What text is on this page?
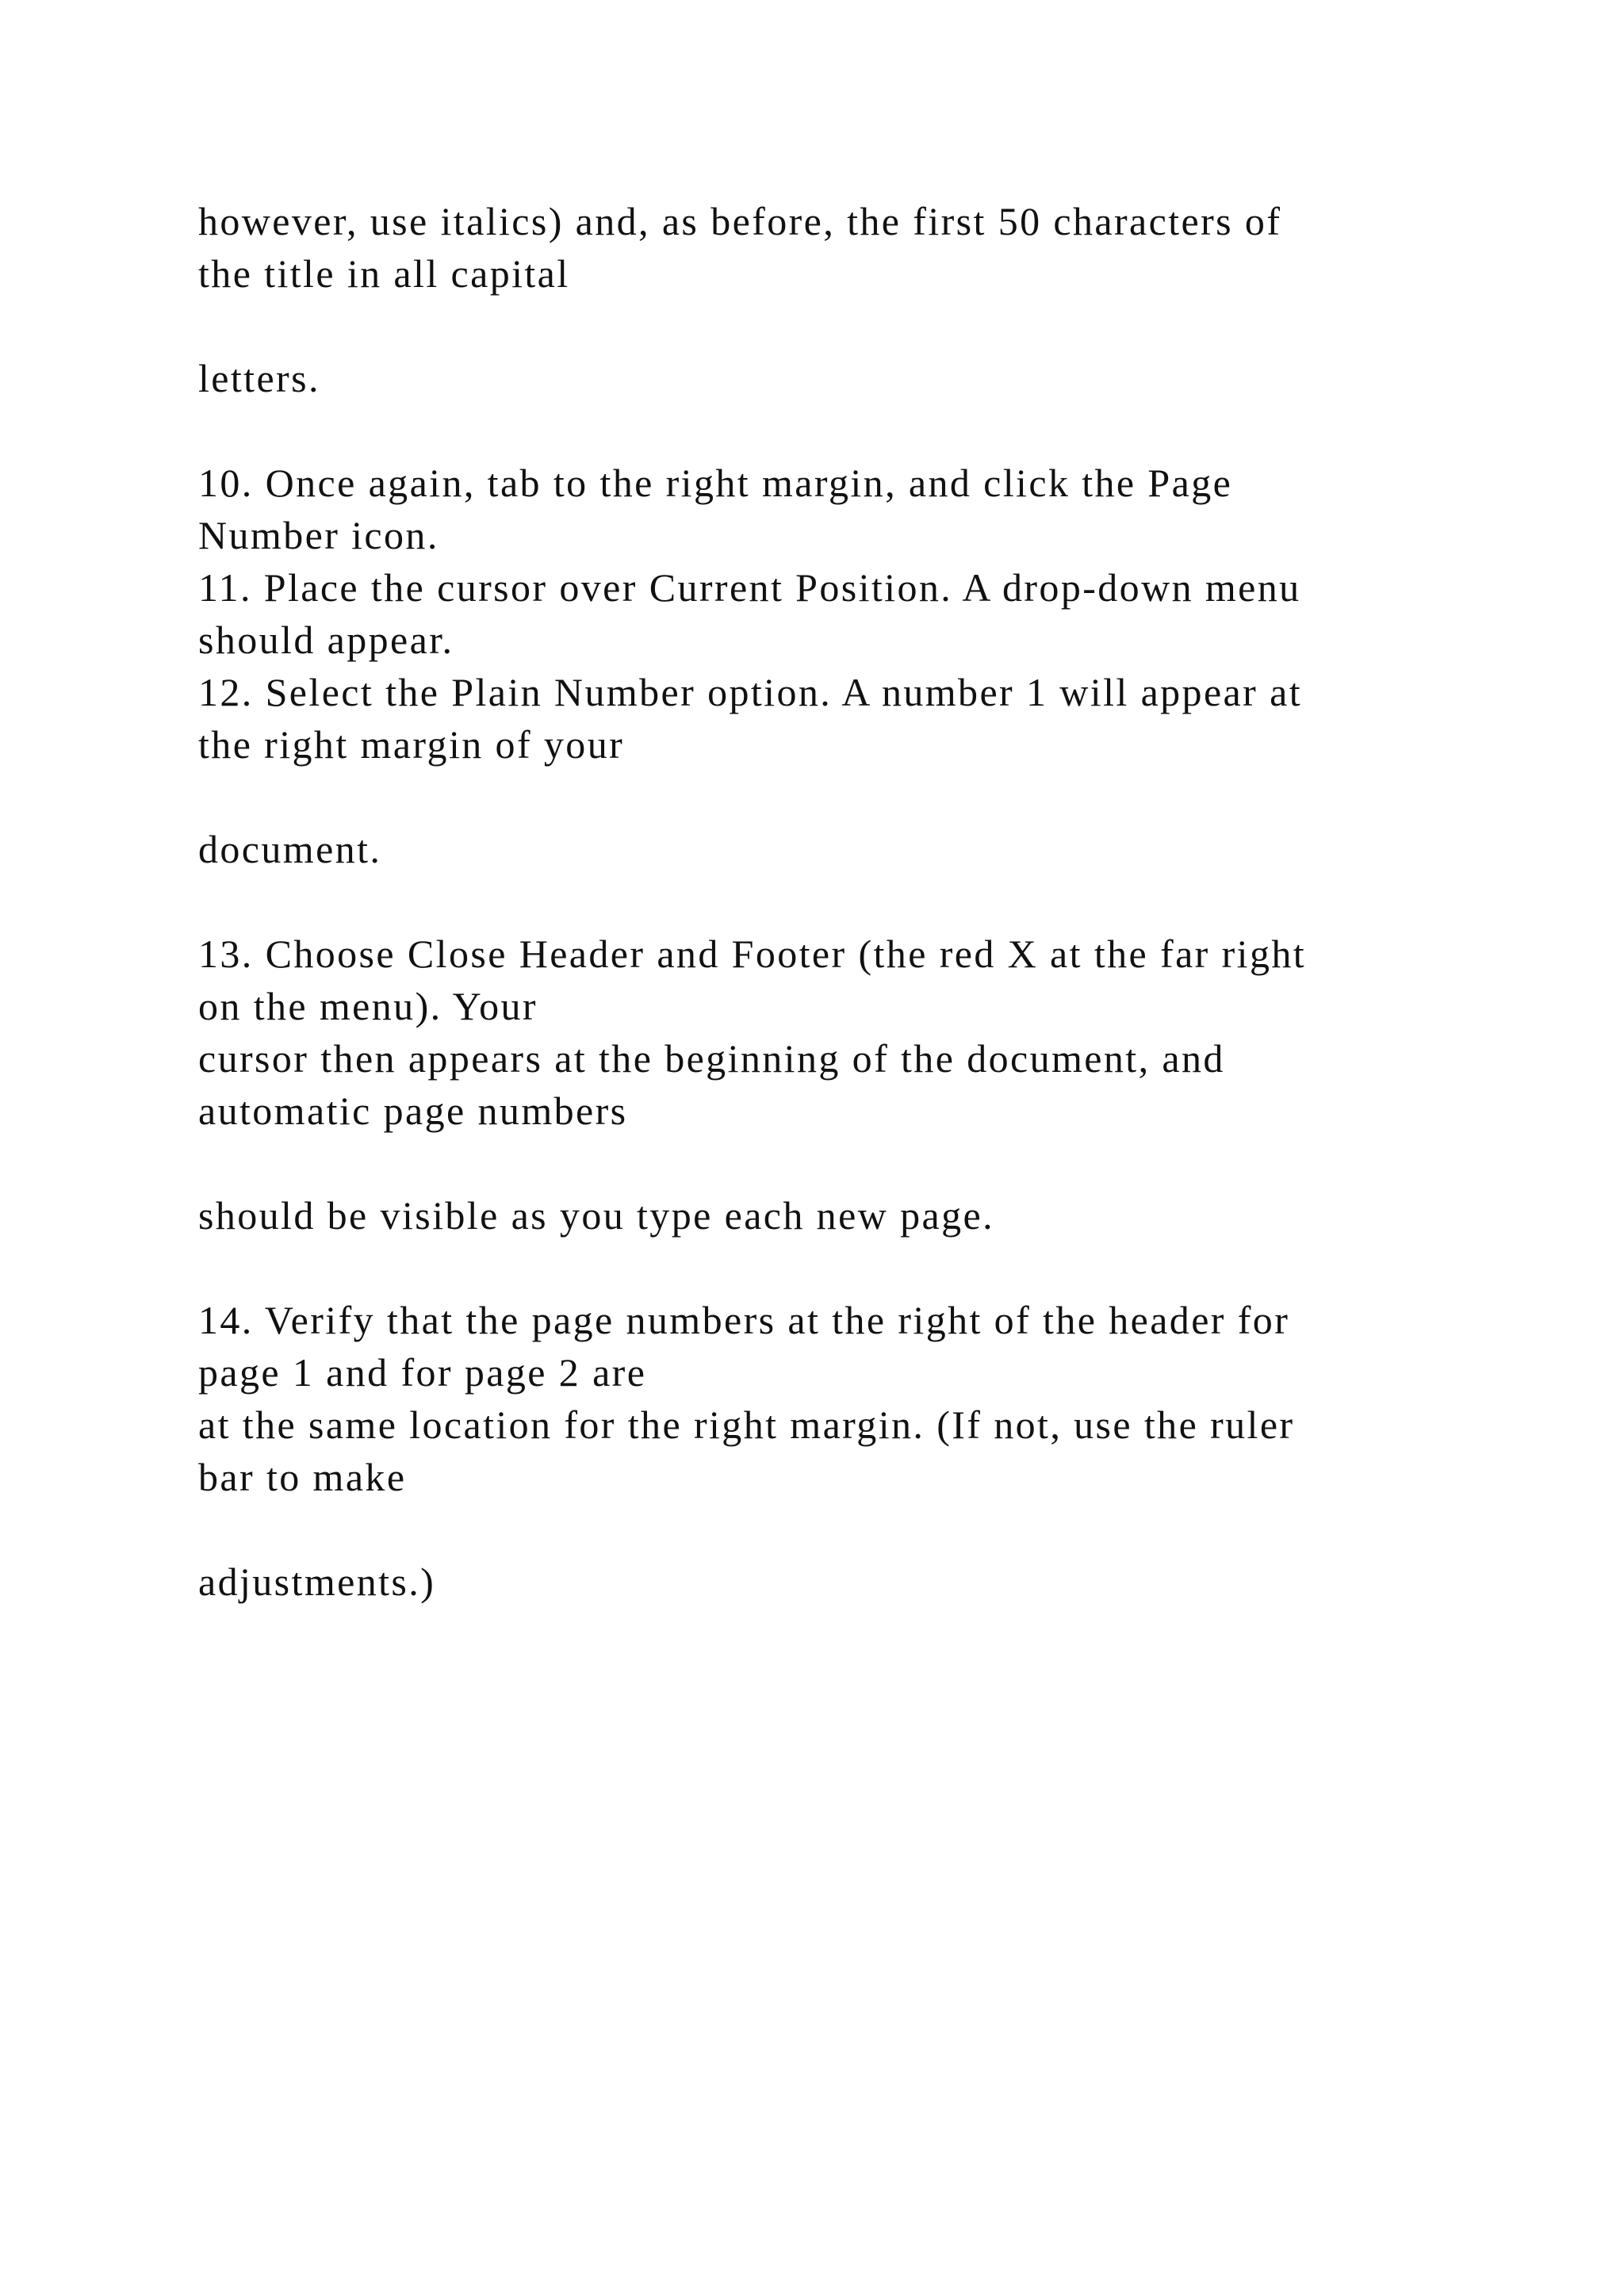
however, use italics) and, as before, the first 50 characters of
the title in all capital
letters.
10. Once again, tab to the right margin, and click the Page
Number icon.
11. Place the cursor over Current Position. A drop-down menu
should appear.
12. Select the Plain Number option. A number 1 will appear at
the right margin of your
document.
13. Choose Close Header and Footer (the red X at the far right
on the menu). Your
cursor then appears at the beginning of the document, and
automatic page numbers
should be visible as you type each new page.
14. Verify that the page numbers at the right of the header for
page 1 and for page 2 are
at the same location for the right margin. (If not, use the ruler
bar to make
adjustments.)
